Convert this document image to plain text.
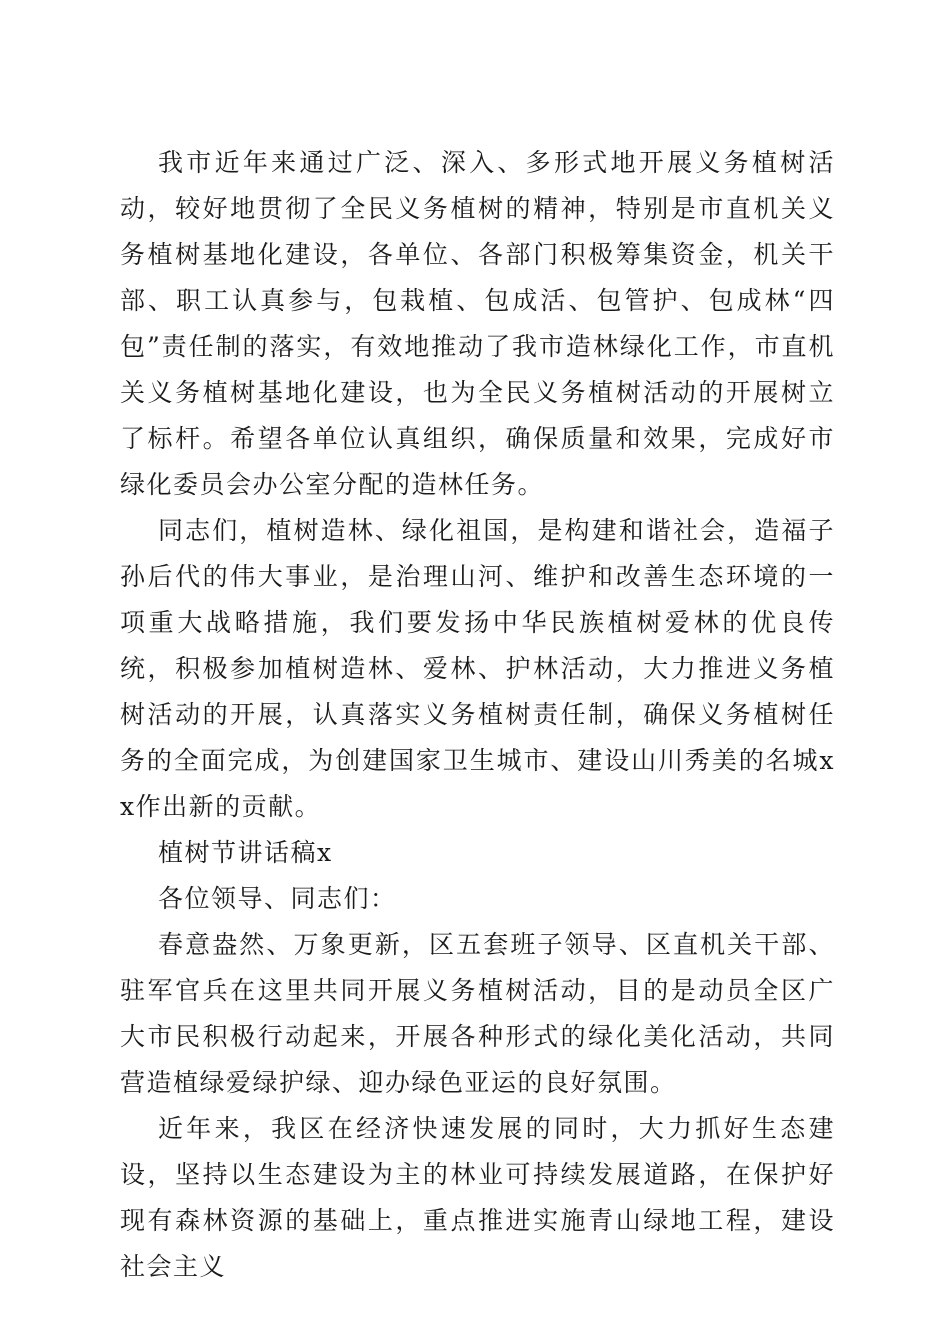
我市近年来通过广泛、深入、多形式地开展义务植树活动，较好地贯彻了全民义务植树的精神，特别是市直机关义务植树基地化建设，各单位、各部门积极筹集资金，机关干部、职工认真参与，包栽植、包成活、包管护、包成林“四包”责任制的落实，有效地推动了我市造林绿化工作，市直机关义务植树基地化建设，也为全民义务植树活动的开展树立了标杆。希望各单位认真组织，确保质量和效果，完成好市绿化委员会办公室分配的造林任务。

同志们，植树造林、绿化祖国，是构建和谐社会，造福子孙后代的伟大事业，是治理山河、维护和改善生态环境的一项重大战略措施，我们要发扬中华民族植树爱林的优良传统，积极参加植树造林、爱林、护林活动，大力推进义务植树活动的开展，认真落实义务植树责任制，确保义务植树任务的全面完成，为创建国家卫生城市、建设山川秀美的名城xx作出新的贡献。

植树节讲话稿x

各位领导、同志们：

春意盎然、万象更新，区五套班子领导、区直机关干部、驻军官兵在这里共同开展义务植树活动，目的是动员全区广大市民积极行动起来，开展各种形式的绿化美化活动，共同营造植绿爱绿护绿、迎办绿色亚运的良好氛围。

近年来，我区在经济快速发展的同时，大力抓好生态建设，坚持以生态建设为主的林业可持续发展道路，在保护好现有森林资源的基础上，重点推进实施青山绿地工程，建设社会主义
